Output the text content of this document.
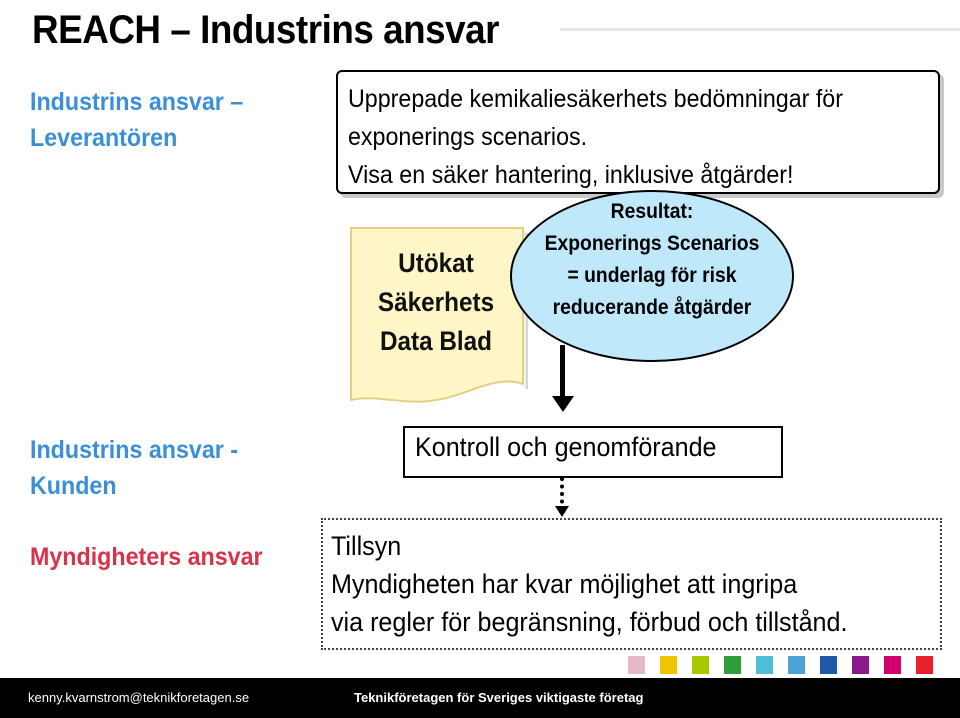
REACH – Industrins ansvar
Industrins ansvar –
Leverantören
Upprepade kemikaliesäkerhets bedömningar för
exponerings scenarios.
Visa en säker hantering, inklusive åtgärder!
Utökat
Säkerhets
Data Blad
Resultat:
Exponerings Scenarios
= underlag för risk
reducerande åtgärder
Industrins ansvar -
Kunden
Kontroll och genomförande
Myndigheters ansvar	Tillsyn
Myndigheten har kvar möjlighet att ingripa
via regler för begränsning, förbud och tillstånd.
kenny.kvarnstrom@teknikforetagen.se	Teknikföretagen för Sveriges viktigaste företag
